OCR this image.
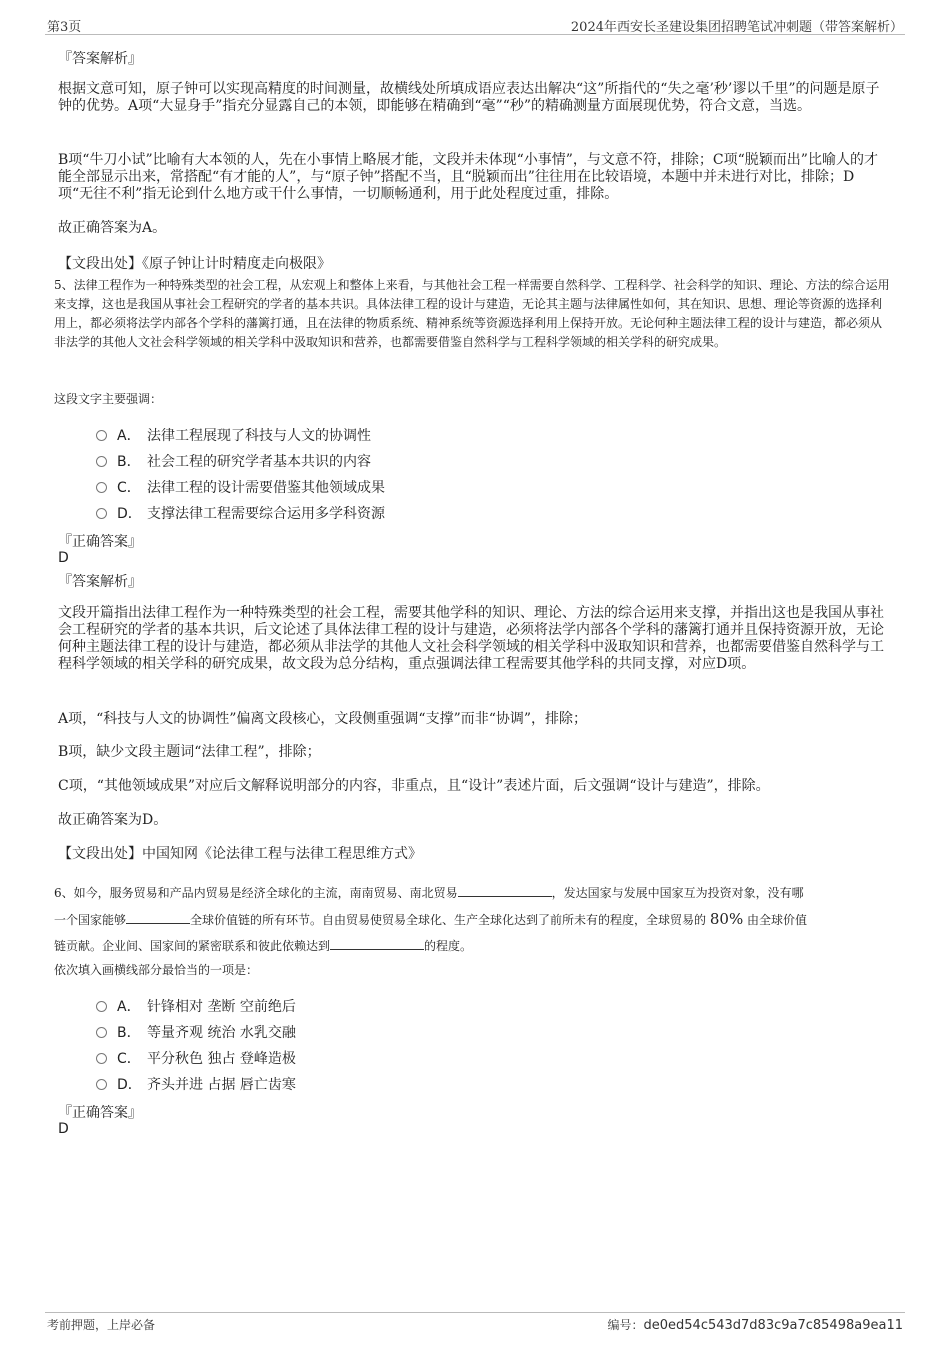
第3页	2024年西安长圣建设集团招聘笔试冲刺题（带答案解析）
『答案解析』
根据文意可知，原子钟可以实现高精度的时间测量，故横线处所填成语应表达出解决“这”所指代的“失之毫’秒’谬以千里”的问题是原子钟的优势。A项“大显身手”指充分显露自己的本领，即能够在精确到“毫”“秒”的精确测量方面展现优势，符合文意，当选。
B项“牛刀小试”比喻有大本领的人，先在小事情上略展才能，文段并未体现“小事情”，与文意不符，排除；C项“脱颖而出”比喻人的才能全部显示出来，常搭配“有才能的人”，与“原子钟”搭配不当，且“脱颖而出”往往用在比较语境，本题中并未进行对比，排除；D项“无往不利”指无论到什么地方或干什么事情，一切顺畅通利，用于此处程度过重，排除。
故正确答案为A。
【文段出处】《原子钟让计时精度走向极限》
5、法律工程作为一种特殊类型的社会工程，从宏观上和整体上来看，与其他社会工程一样需要自然科学、工程科学、社会科学的知识、理论、方法的综合运用来支撑，这也是我国从事社会工程研究的学者的基本共识。具体法律工程的设计与建造，无论其主题与法律属性如何，其在知识、思想、理论等资源的选择利用上，都必须将法学内部各个学科的藩篱打通，且在法律的物质系统、精神系统等资源选择利用上保持开放。无论何种主题法律工程的设计与建造，都必须从非法学的其他人文社会科学领域的相关学科中汲取知识和营养，也都需要借鉴自然科学与工程科学领域的相关学科的研究成果。
这段文字主要强调：
A． 法律工程展现了科技与人文的协调性
B． 社会工程的研究学者基本共识的内容
C． 法律工程的设计需要借鉴其他领域成果
D． 支撑法律工程需要综合运用多学科资源
『正确答案』
D
『答案解析』
文段开篇指出法律工程作为一种特殊类型的社会工程，需要其他学科的知识、理论、方法的综合运用来支撑，并指出这也是我国从事社会工程研究的学者的基本共识，后文论述了具体法律工程的设计与建造，必须将法学内部各个学科的藩篱打通并且保持资源开放，无论何种主题法律工程的设计与建造，都必须从非法学的其他人文社会科学领域的相关学科中汲取知识和营养，也都需要借鉴自然科学与工程科学领域的相关学科的研究成果，故文段为总分结构，重点强调法律工程需要其他学科的共同支撑，对应D项。
A项，“科技与人文的协调性”偏离文段核心，文段侧重强调“支撑”而非“协调”，排除；
B项，缺少文段主题词“法律工程”，排除；
C项，“其他领域成果”对应后文解释说明部分的内容，非重点，且“设计”表述片面，后文强调“设计与建造”，排除。
故正确答案为D。
【文段出处】中国知网《论法律工程与法律工程思维方式》
6、如今，服务贸易和产品内贸易是经济全球化的主流，南南贸易、南北贸易	，发达国家与发展中国家互为投资对象，没有哪
一个国家能够	全球价值链的所有环节。自由贸易使贸易全球化、生产全球化达到了前所未有的程度，全球贸易的 80% 由全球价值
链贡献。企业间、国家间的紧密联系和彼此依赖达到	的程度。
依次填入画横线部分最恰当的一项是：
A． 针锋相对 垄断 空前绝后
B． 等量齐观 统治 水乳交融
C． 平分秋色 独占 登峰造极
D． 齐头并进 占据 唇亡齿寒
『正确答案』
D
考前押题，上岸必备	编号：de0ed54c543d7d83c9a7c85498a9ea11
